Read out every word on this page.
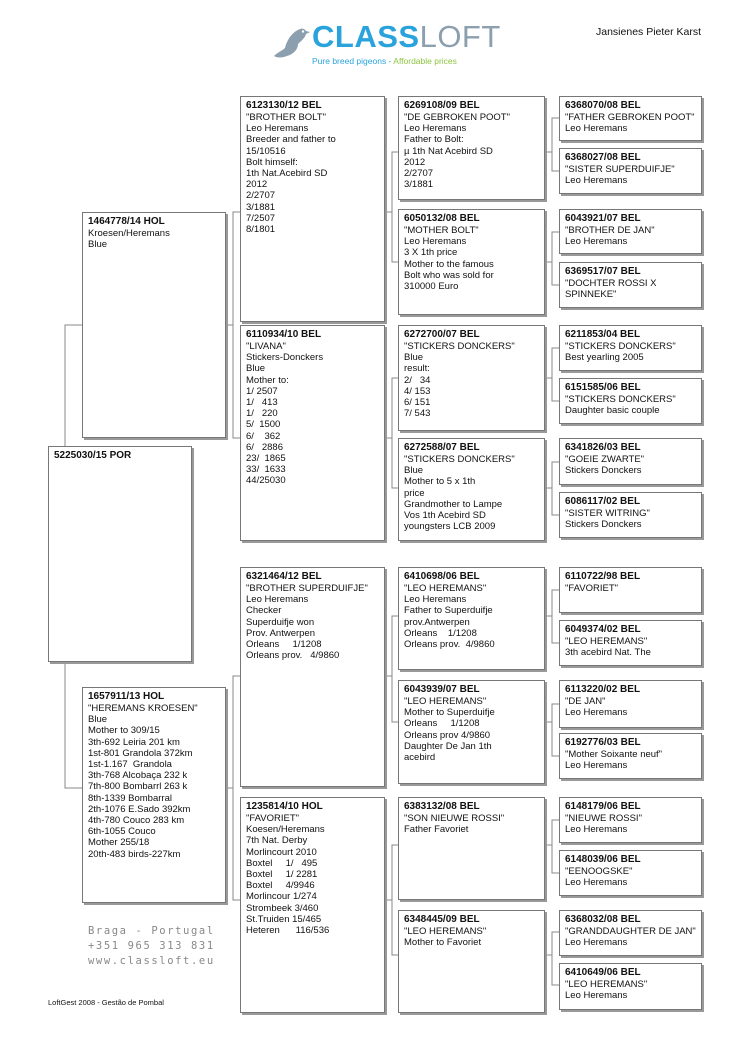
CLASSLOFT
Pure breed pigeons - Affordable prices
Jansienes Pieter Karst
5225030/15 POR
1464778/14 HOL
Kroesen/Heremans
Blue
1657911/13 HOL
"HEREMANS KROESEN"
Blue
Mother to 309/15
3th-692 Leiria 201 km
1st-801 Grandola 372km
1st-1.167  Grandola
3th-768 Alcobaça 232 k
7th-800 Bombarrl 263 k
8th-1339 Bombarral
2th-1076 E.Sado 392km
4th-780 Couco 283 km
6th-1055 Couco
Mother 255/18
20th-483 birds-227km
6123130/12 BEL
"BROTHER BOLT"
Leo Heremans
Breeder and father to
15/10516
Bolt himself:
1th Nat.Acebird SD
2012
2/2707
3/1881
7/2507
8/1801
6110934/10 BEL
"LIVANA"
Stickers-Donckers
Blue
Mother to:
1/ 2507
1/   413
1/   220
5/  1500
6/    362
6/   2886
23/  1865
33/  1633
44/25030
6321464/12 BEL
"BROTHER SUPERDUIFJE"
Leo Heremans
Checker
Superduifje won
Prov. Antwerpen
Orleans     1/1208
Orleans prov.   4/9860
1235814/10 HOL
"FAVORIET"
Koesen/Heremans
7th Nat. Derby
Morlincourt 2010
Boxtel     1/   495
Boxtel     1/ 2281
Boxtel     4/9946
Morlincour 1/274
Strombeek 3/460
St.Truiden 15/465
Heteren      116/536
6269108/09 BEL
"DE GEBROKEN POOT"
Leo Heremans
Father to Bolt:
µ 1th Nat Acebird SD
2012
2/2707
3/1881
6050132/08 BEL
"MOTHER BOLT"
Leo Heremans
3 X 1th price
Mother to the famous
Bolt who was sold for
310000 Euro
6272700/07 BEL
"STICKERS DONCKERS"
Blue
result:
2/   34
4/ 153
6/ 151
7/ 543
6272588/07 BEL
"STICKERS DONCKERS"
Blue
Mother to 5 x 1th
price
Grandmother to Lampe
Vos 1th Acebird SD
youngsters LCB 2009
6410698/06 BEL
"LEO HEREMANS"
Leo Heremans
Father to Superduifje
prov.Antwerpen
Orleans    1/1208
Orleans prov.  4/9860
6043939/07 BEL
"LEO HEREMANS"
Mother to Superduifje
Orleans     1/1208
Orleans prov 4/9860
Daughter De Jan 1th
acebird
6383132/08 BEL
"SON NIEUWE ROSSI"
Father Favoriet
6348445/09 BEL
"LEO HEREMANS"
Mother to Favoriet
6368070/08 BEL
"FATHER GEBROKEN POOT"
Leo Heremans
6368027/08 BEL
"SISTER SUPERDUIFJE"
Leo Heremans
6043921/07 BEL
"BROTHER DE JAN"
Leo Heremans
6369517/07 BEL
"DOCHTER ROSSI X
SPINNEKE"
6211853/04 BEL
"STICKERS DONCKERS"
Best yearling 2005
6151585/06 BEL
"STICKERS DONCKERS"
Daughter basic couple
6341826/03 BEL
"GOEIE ZWARTE"
Stickers Donckers
6086117/02 BEL
"SISTER WITRING"
Stickers Donckers
6110722/98 BEL
"FAVORIET"
6049374/02 BEL
"LEO HEREMANS"
3th acebird Nat. The
6113220/02 BEL
"DE JAN"
Leo Heremans
6192776/03 BEL
"Mother Soixante neuf"
Leo Heremans
6148179/06 BEL
"NIEUWE ROSSI"
Leo Heremans
6148039/06 BEL
"EENOOGSKE"
Leo Heremans
6368032/08 BEL
"GRANDDAUGHTER DE JAN"
Leo Heremans
6410649/06 BEL
"LEO HEREMANS"
Leo Heremans
Braga - Portugal
+351 965 313 831
www.classloft.eu
LoftGest 2008 - Gestão de Pombal
